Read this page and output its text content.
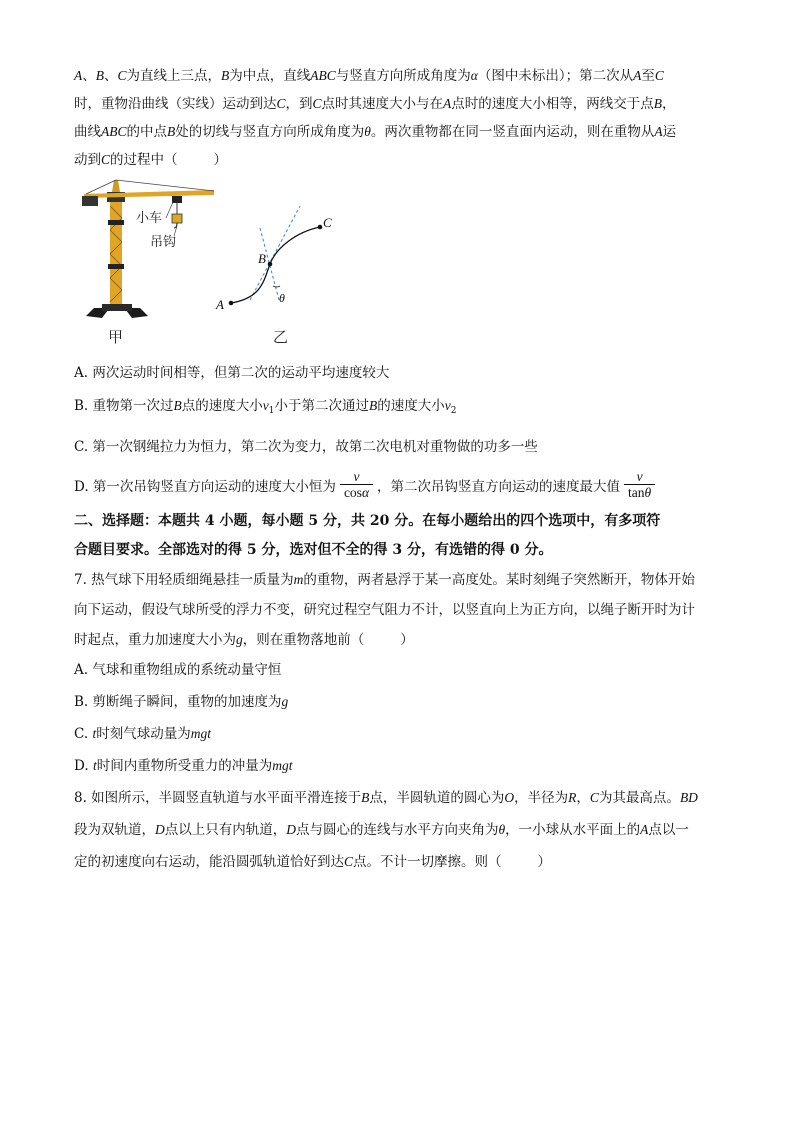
A、B、C为直线上三点，B为中点，直线ABC与竖直方向所成角度为α（图中未标出）；第二次从A至C
时，重物沿曲线（实线）运动到达C，到C点时其速度大小与在A点时的速度大小相等，两线交于点B，
曲线ABC的中点B处的切线与竖直方向所成角度为θ。两次重物都在同一竖直面内运动，则在重物从A运
动到C的过程中（	）
小车
吊钩
甲
A
B
C
θ
乙
A. 两次运动时间相等，但第二次的运动平均速度较大
B. 重物第一次过B点的速度大小$v_1$小于第二次通过B的速度大小$v_2$
C. 第一次钢绳拉力为恒力，第二次为变力，故第二次电机对重物做的功多一些
D. 第一次吊钩竖直方向运动的速度大小恒为 $\frac{v}{\cos\alpha}$ ，第二次吊钩竖直方向运动的速度最大值 $\frac{v}{\tan\theta}$
二、选择题：本题共 4 小题，每小题 5 分，共 20 分。在每小题给出的四个选项中，有多项符
合题目要求。全部选对的得 5 分，选对但不全的得 3 分，有选错的得 0 分。
7. 热气球下用轻质细绳悬挂一质量为m的重物，两者悬浮于某一高度处。某时刻绳子突然断开，物体开始
向下运动，假设气球所受的浮力不变，研究过程空气阻力不计，以竖直向上为正方向，以绳子断开时为计
时起点，重力加速度大小为g，则在重物落地前（	）
A. 气球和重物组成的系统动量守恒
B. 剪断绳子瞬间，重物的加速度为g
C. t时刻气球动量为mgt
D. t时间内重物所受重力的冲量为mgt
8. 如图所示，半圆竖直轨道与水平面平滑连接于B点，半圆轨道的圆心为O，半径为R，C为其最高点。BD
段为双轨道，D点以上只有内轨道，D点与圆心的连线与水平方向夹角为θ，一小球从水平面上的A点以一
定的初速度向右运动，能沿圆弧轨道恰好到达C点。不计一切摩擦。则（	）
